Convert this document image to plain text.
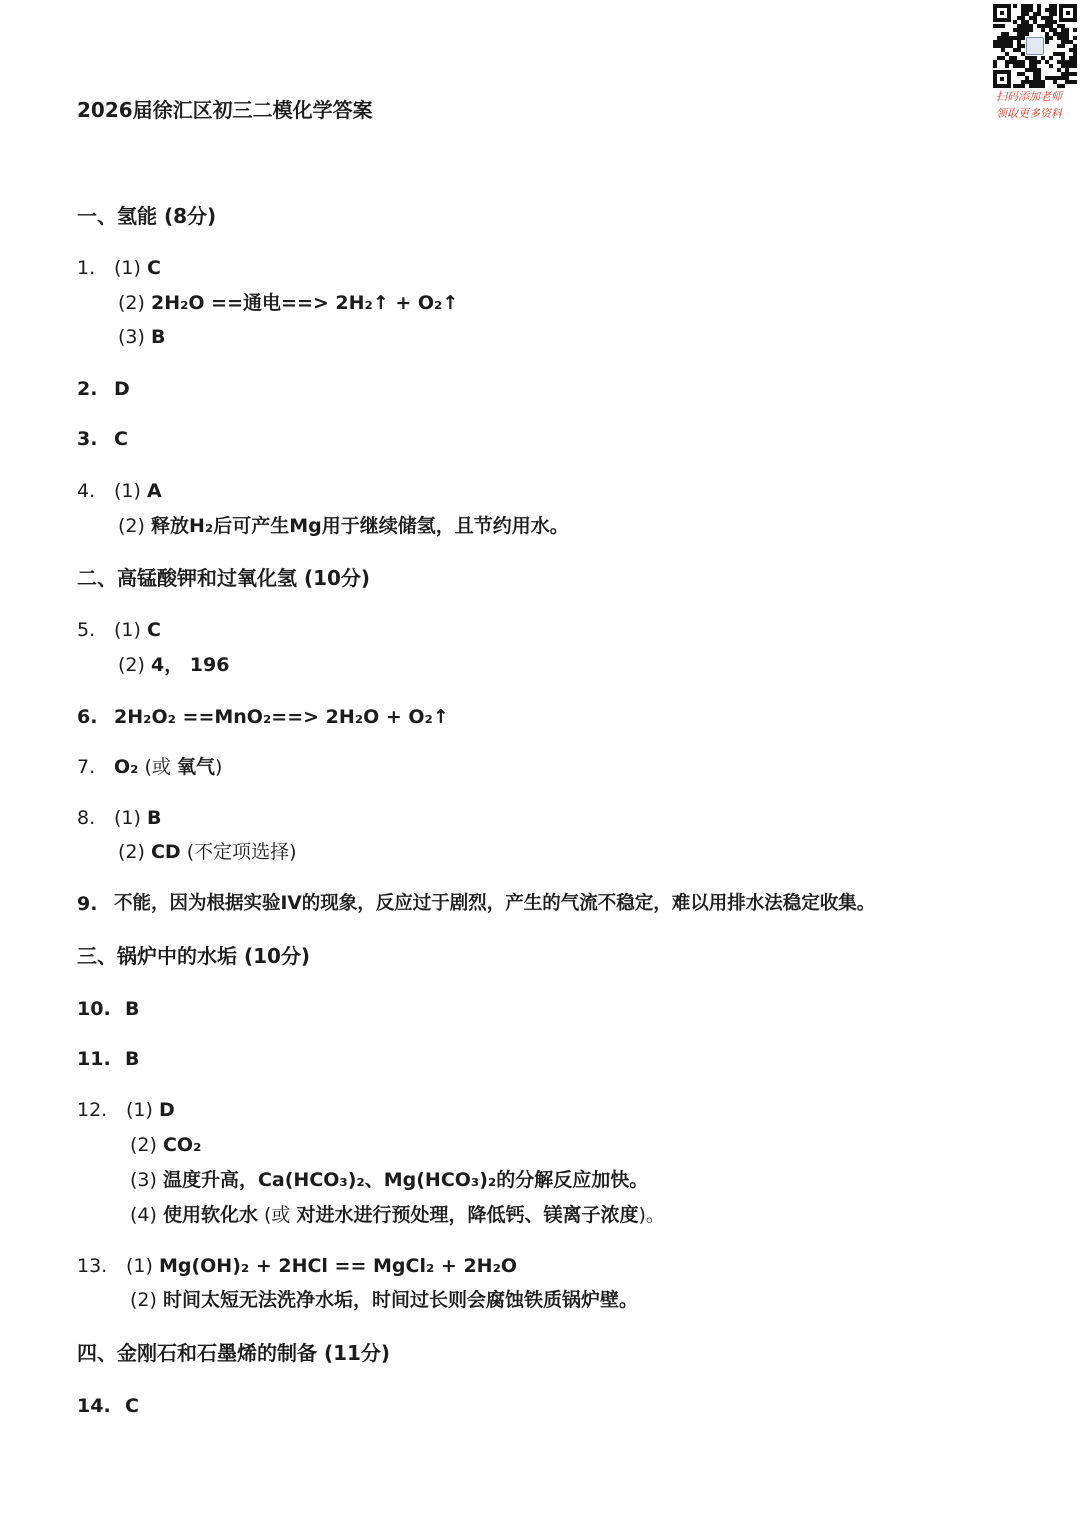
扫码添加老师
领取更多资料
2026届徐汇区初三二模化学答案
一、氢能 (8分)
1. (1) C
(2) 2H₂O ==通电==> 2H₂↑ + O₂↑
(3) B
2. D
3. C
4. (1) A
(2) 释放H₂后可产生Mg用于继续储氢，且节约用水。
二、高锰酸钾和过氧化氢 (10分)
5. (1) C
(2) 4， 196
6. 2H₂O₂ ==MnO₂==> 2H₂O + O₂↑
7. O₂ (或 氧气)
8. (1) B
(2) CD (不定项选择)
9. 不能，因为根据实验IV的现象，反应过于剧烈，产生的气流不稳定，难以用排水法稳定收集。
三、锅炉中的水垢 (10分)
10. B
11. B
12. (1) D
(2) CO₂
(3) 温度升高，Ca(HCO₃)₂、Mg(HCO₃)₂的分解反应加快。
(4) 使用软化水 (或 对进水进行预处理，降低钙、镁离子浓度)。
13. (1) Mg(OH)₂ + 2HCl == MgCl₂ + 2H₂O
(2) 时间太短无法洗净水垢，时间过长则会腐蚀铁质锅炉壁。
四、金刚石和石墨烯的制备 (11分)
14. C
